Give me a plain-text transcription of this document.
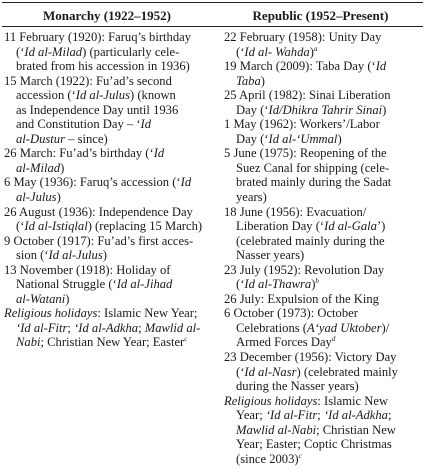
Monarchy (1922–1952)	Republic (1952–Present)
11 February (1920): Faruq’s birthday
(‘Id al-Milad) (particularly cele-
brated from his accession in 1936)
15 March (1922): Fu’ad’s second
accession (‘Id al-Julus) (known
as Independence Day until 1936
and Constitution Day – ‘Id
al-Dustur – since)
26 March: Fu’ad’s birthday (‘Id
al-Milad)
6 May (1936): Faruq’s accession (‘Id
al-Julus)
26 August (1936): Independence Day
(‘Id al-Istiqlal) (replacing 15 March)
9 October (1917): Fu’ad’s first acces-
sion (‘Id al-Julus)
13 November (1918): Holiday of
National Struggle (‘Id al-Jihad
al-Watani)
Religious holidays: Islamic New Year;
‘Id al-Fitr; ‘Id al-Adkha; Mawlid al-
Nabi; Christian New Year; Easter$^c$
22 February (1958): Unity Day
(‘Id al- Wahda)$^a$
19 March (2009): Taba Day (‘Id
Taba)
25 April (1982): Sinai Liberation
Day (‘Id/Dhikra Tahrir Sinai)
1 May (1962): Workers’/Labor
Day (‘Id al-‘Ummal)
5 June (1975): Reopening of the
Suez Canal for shipping (cele-
brated mainly during the Sadat
years)
18 June (1956): Evacuation/
Liberation Day (‘Id al-Gala’)
(celebrated mainly during the
Nasser years)
23 July (1952): Revolution Day
(‘Id al-Thawra)$^b$
26 July: Expulsion of the King
6 October (1973): October
Celebrations (A‘yad Uktober)/
Armed Forces Day$^d$
23 December (1956): Victory Day
(‘Id al-Nasr) (celebrated mainly
during the Nasser years)
Religious holidays: Islamic New
Year; ‘Id al-Fitr; ‘Id al-Adkha;
Mawlid al-Nabi; Christian New
Year; Easter; Coptic Christmas
(since 2003)$^c$
